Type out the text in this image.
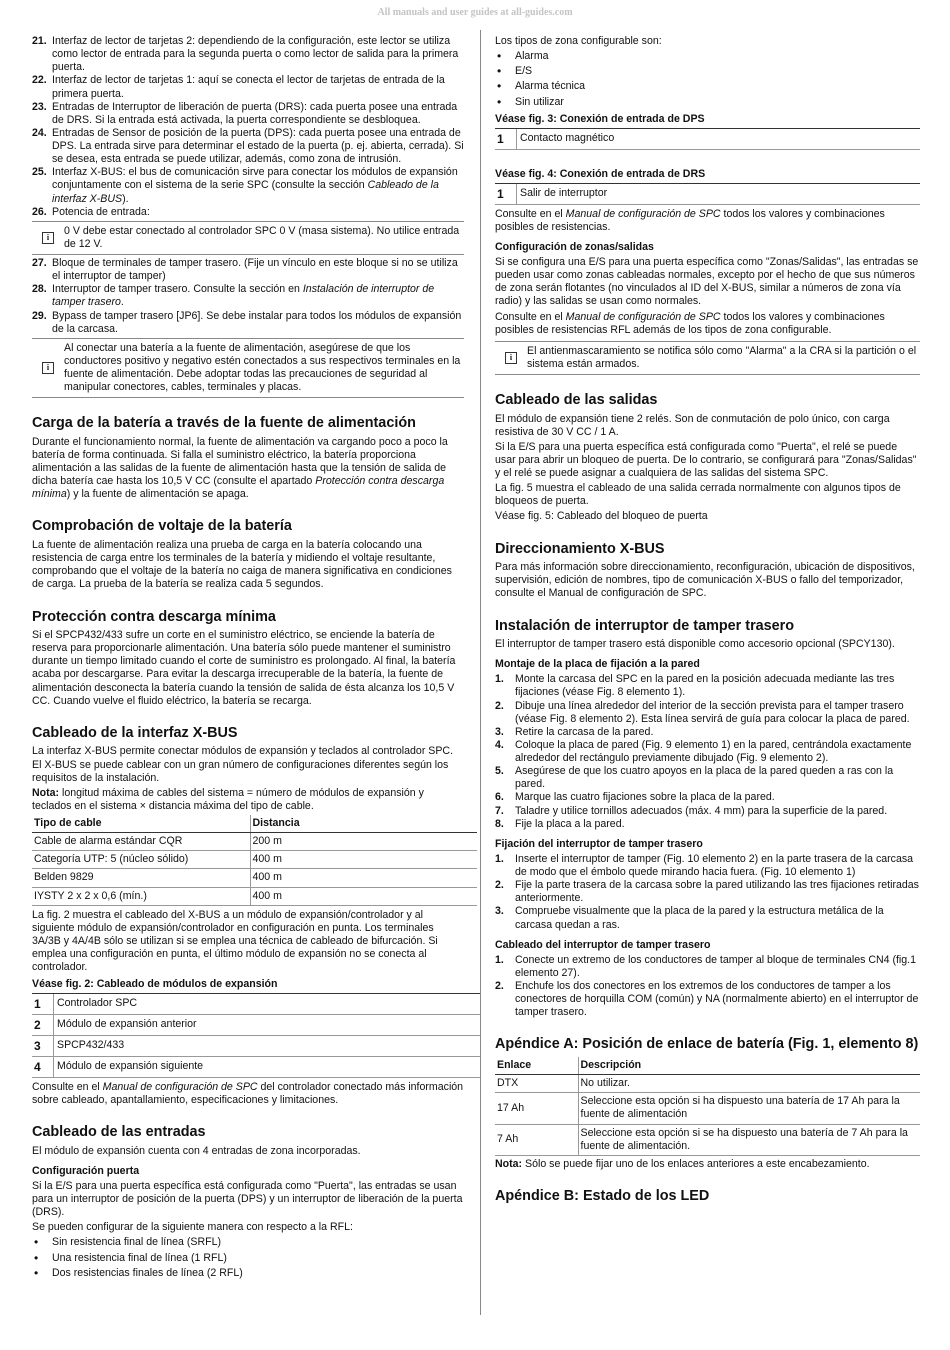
All manuals and user guides at all-guides.com
21. Interfaz de lector de tarjetas 2: dependiendo de la configuración, este lector se utiliza como lector de entrada para la segunda puerta o como lector de salida para la primera puerta.
22. Interfaz de lector de tarjetas 1: aquí se conecta el lector de tarjetas de entrada de la primera puerta.
23. Entradas de Interruptor de liberación de puerta (DRS): cada puerta posee una entrada de DRS. Si la entrada está activada, la puerta correspondiente se desbloquea.
24. Entradas de Sensor de posición de la puerta (DPS): cada puerta posee una entrada de DPS. La entrada sirve para determinar el estado de la puerta (p. ej. abierta, cerrada). Si se desea, esta entrada se puede utilizar, además, como zona de intrusión.
25. Interfaz X-BUS: el bus de comunicación sirve para conectar los módulos de expansión conjuntamente con el sistema de la serie SPC (consulte la sección Cableado de la interfaz X-BUS).
26. Potencia de entrada:
i
0 V debe estar conectado al controlador SPC 0 V (masa sistema). No utilice entrada de 12 V.
27. Bloque de terminales de tamper trasero. (Fije un vínculo en este bloque si no se utiliza el interruptor de tamper)
28. Interruptor de tamper trasero. Consulte la sección en Instalación de interruptor de tamper trasero.
29. Bypass de tamper trasero [JP6]. Se debe instalar para todos los módulos de expansión de la carcasa.
i
Al conectar una batería a la fuente de alimentación, asegúrese de que los conductores positivo y negativo estén conectados a sus respectivos terminales en la fuente de alimentación. Debe adoptar todas las precauciones de seguridad al manipular conectores, cables, terminales y placas.
Carga de la batería a través de la fuente de alimentación

Durante el funcionamiento normal, la fuente de alimentación va cargando poco a poco la batería de forma continuada. Si falla el suministro eléctrico, la batería proporciona alimentación a las salidas de la fuente de alimentación hasta que la tensión de salida de dicha batería cae hasta los 10,5 V CC (consulte el apartado Protección contra descarga mínima) y la fuente de alimentación se apaga.

Comprobación de voltaje de la batería

La fuente de alimentación realiza una prueba de carga en la batería colocando una resistencia de carga entre los terminales de la batería y midiendo el voltaje resultante, comprobando que el voltaje de la batería no caiga de manera significativa en condiciones de carga. La prueba de la batería se realiza cada 5 segundos.

Protección contra descarga mínima

Si el SPCP432/433 sufre un corte en el suministro eléctrico, se enciende la batería de reserva para proporcionarle alimentación. Una batería sólo puede mantener el suministro durante un tiempo limitado cuando el corte de suministro es prolongado. Al final, la batería acaba por descargarse. Para evitar la descarga irrecuperable de la batería, la fuente de alimentación desconecta la batería cuando la tensión de salida de ésta alcanza los 10,5 V CC. Cuando vuelve el fluido eléctrico, la batería se recarga.

Cableado de la interfaz X-BUS

La interfaz X-BUS permite conectar módulos de expansión y teclados al controlador SPC. El X-BUS se puede cablear con un gran número de configuraciones diferentes según los requisitos de la instalación.

Nota: longitud máxima de cables del sistema = número de módulos de expansión y teclados en el sistema × distancia máxima del tipo de cable.

Tipo de cable	Distancia
Cable de alarma estándar CQR	200 m
Categoría UTP: 5 (núcleo sólido)	400 m
Belden 9829	400 m
IYSTY 2 x 2 x 0,6 (mín.)	400 m

La fig. 2 muestra el cableado del X-BUS a un módulo de expansión/controlador y al siguiente módulo de expansión/controlador en configuración en punta. Los terminales 3A/3B y 4A/4B sólo se utilizan si se emplea una técnica de cableado de bifurcación. Si emplea una configuración en punta, el último módulo de expansión no se conecta al controlador.

Véase fig. 2: Cableado de módulos de expansión
1	Controlador SPC
2	Módulo de expansión anterior
3	SPCP432/433
4	Módulo de expansión siguiente

Consulte en el Manual de configuración de SPC del controlador conectado más información sobre cableado, apantallamiento, especificaciones y limitaciones.

Cableado de las entradas

El módulo de expansión cuenta con 4 entradas de zona incorporadas.

Configuración puerta

Si la E/S para una puerta específica está configurada como "Puerta", las entradas se usan para un interruptor de posición de la puerta (DPS) y un interruptor de liberación de la puerta (DRS).

Se pueden configurar de la siguiente manera con respecto a la RFL:

•	Sin resistencia final de línea (SRFL)
•	Una resistencia final de línea (1 RFL)
•	Dos resistencias finales de línea (2 RFL)

Los tipos de zona configurable son:

•	Alarma
•	E/S
•	Alarma técnica
•	Sin utilizar
Véase fig. 3: Conexión de entrada de DPS
1	Contacto magnético
Véase fig. 4: Conexión de entrada de DRS
1	Salir de interruptor

Consulte en el Manual de configuración de SPC todos los valores y combinaciones posibles de resistencias.

Configuración de zonas/salidas

Si se configura una E/S para una puerta específica como "Zonas/Salidas", las entradas se pueden usar como zonas cableadas normales, excepto por el hecho de que sus números de zona serán flotantes (no vinculados al ID del X-BUS, similar a números de zona vía radio) y las salidas se usan como normales.

Consulte en el Manual de configuración de SPC todos los valores y combinaciones posibles de resistencias RFL además de los tipos de zona configurable.

i
El antienmascaramiento se notifica sólo como "Alarma" a la CRA si la partición o el sistema están armados.
Cableado de las salidas

El módulo de expansión tiene 2 relés. Son de conmutación de polo único, con carga resistiva de 30 V CC / 1 A.

Si la E/S para una puerta específica está configurada como "Puerta", el relé se puede usar para abrir un bloqueo de puerta. De lo contrario, se configurará para "Zonas/Salidas" y el relé se puede asignar a cualquiera de las salidas del sistema SPC.

La fig. 5 muestra el cableado de una salida cerrada normalmente con algunos tipos de bloqueos de puerta.

Véase fig. 5: Cableado del bloqueo de puerta

Direccionamiento X-BUS

Para más información sobre direccionamiento, reconfiguración, ubicación de dispositivos, supervisión, edición de nombres, tipo de comunicación X-BUS o fallo del temporizador, consulte el Manual de configuración de SPC.

Instalación de interruptor de tamper trasero

El interruptor de tamper trasero está disponible como accesorio opcional (SPCY130).

Montaje de la placa de fijación a la pared
1.	Monte la carcasa del SPC en la pared en la posición adecuada mediante las tres fijaciones (véase Fig. 8 elemento 1).
2.	Dibuje una línea alrededor del interior de la sección prevista para el tamper trasero (véase Fig. 8 elemento 2). Esta línea servirá de guía para colocar la placa de pared.
3.	Retire la carcasa de la pared.
4.	Coloque la placa de pared (Fig. 9 elemento 1) en la pared, centrándola exactamente alrededor del rectángulo previamente dibujado (Fig. 9 elemento 2).
5.	Asegúrese de que los cuatro apoyos en la placa de la pared queden a ras con la pared.
6.	Marque las cuatro fijaciones sobre la placa de la pared.
7.	Taladre y utilice tornillos adecuados (máx. 4 mm) para la superficie de la pared.
8.	Fije la placa a la pared.
Fijación del interruptor de tamper trasero
1.	Inserte el interruptor de tamper (Fig. 10 elemento 2) en la parte trasera de la carcasa de modo que el émbolo quede mirando hacia fuera. (Fig. 10 elemento 1)
2.	Fije la parte trasera de la carcasa sobre la pared utilizando las tres fijaciones retiradas anteriormente.
3.	Compruebe visualmente que la placa de la pared y la estructura metálica de la carcasa quedan a ras.
Cableado del interruptor de tamper trasero
1.	Conecte un extremo de los conductores de tamper al bloque de terminales CN4 (fig.1 elemento 27).
2.	Enchufe los dos conectores en los extremos de los conductores de tamper a los conectores de horquilla COM (común) y NA (normalmente abierto) en el interruptor de tamper trasero.
Apéndice A: Posición de enlace de batería (Fig. 1, elemento 8)
Enlace	Descripción
DTX	No utilizar.
17 Ah	Seleccione esta opción si ha dispuesto una batería de 17 Ah para la fuente de alimentación
7 Ah	Seleccione esta opción si se ha dispuesto una batería de 7 Ah para la fuente de alimentación.

Nota: Sólo se puede fijar uno de los enlaces anteriores a este encabezamiento.

Apéndice B: Estado de los LED
